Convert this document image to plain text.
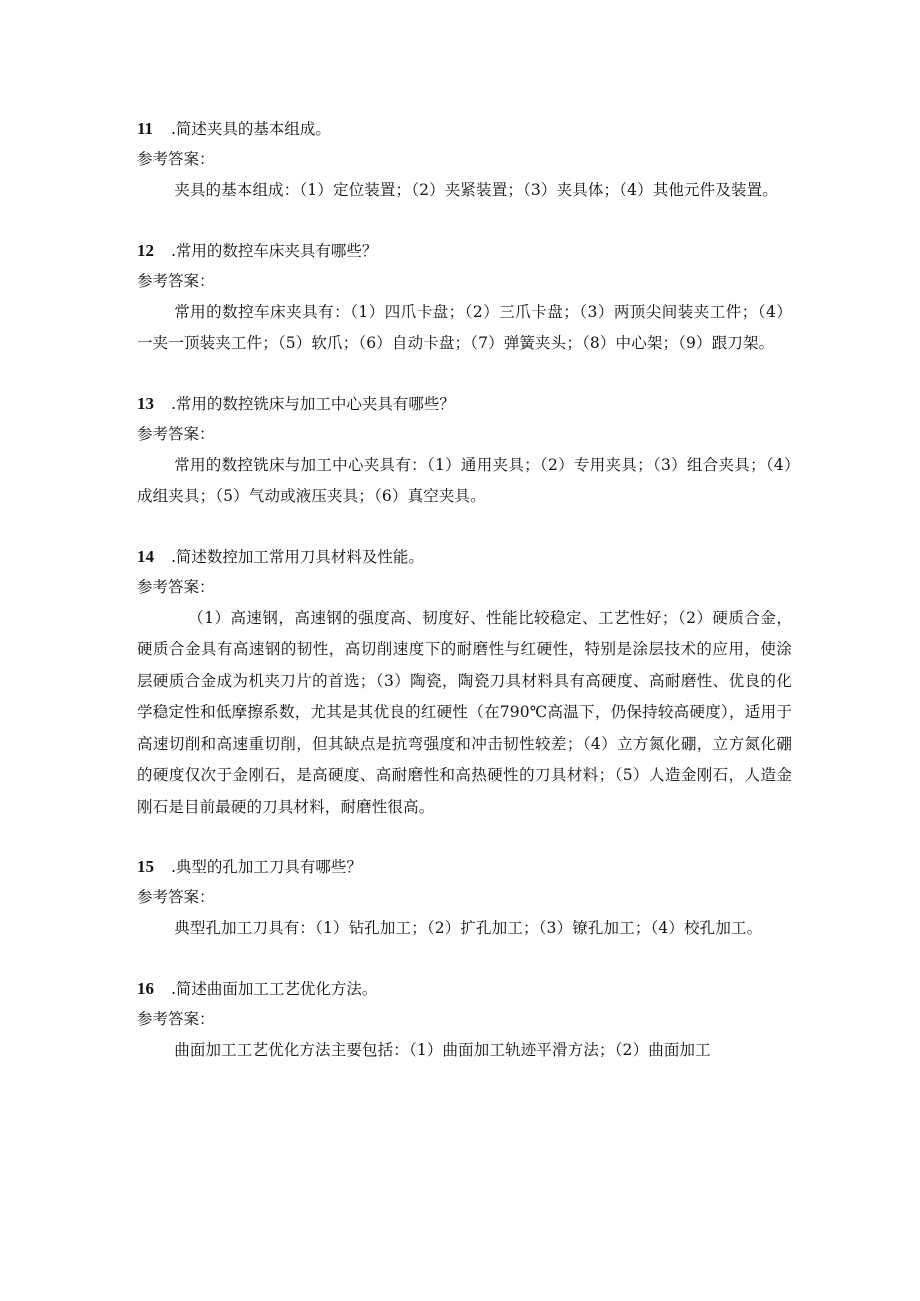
11 .简述夹具的基本组成。
参考答案：
夹具的基本组成：（1）定位装置；（2）夹紧装置；（3）夹具体；（4）其他元件及装置。
12 .常用的数控车床夹具有哪些？
参考答案：
常用的数控车床夹具有：（1）四爪卡盘；（2）三爪卡盘；（3）两顶尖间装夹工件；（4）一夹一顶装夹工件；（5）软爪；（6）自动卡盘；（7）弹簧夹头；（8）中心架；（9）跟刀架。
13 .常用的数控铣床与加工中心夹具有哪些？
参考答案：
常用的数控铣床与加工中心夹具有：（1）通用夹具；（2）专用夹具；（3）组合夹具；（4）成组夹具；（5）气动或液压夹具；（6）真空夹具。
14 .简述数控加工常用刀具材料及性能。
参考答案：
（1）高速钢，高速钢的强度高、韧度好、性能比较稳定、工艺性好；（2）硬质合金，硬质合金具有高速钢的韧性，高切削速度下的耐磨性与红硬性，特别是涂层技术的应用，使涂层硬质合金成为机夹刀片的首选；（3）陶瓷，陶瓷刀具材料具有高硬度、高耐磨性、优良的化学稳定性和低摩擦系数，尤其是其优良的红硬性（在790℃高温下，仍保持较高硬度），适用于高速切削和高速重切削，但其缺点是抗弯强度和冲击韧性较差；（4）立方氮化硼，立方氮化硼的硬度仅次于金刚石，是高硬度、高耐磨性和高热硬性的刀具材料；（5）人造金刚石，人造金刚石是目前最硬的刀具材料，耐磨性很高。
15 .典型的孔加工刀具有哪些？
参考答案：
典型孔加工刀具有：（1）钻孔加工；（2）扩孔加工；（3）镣孔加工；（4）校孔加工。
16 .简述曲面加工工艺优化方法。
参考答案：
曲面加工工艺优化方法主要包括：（1）曲面加工轨迹平滑方法；（2）曲面加工
